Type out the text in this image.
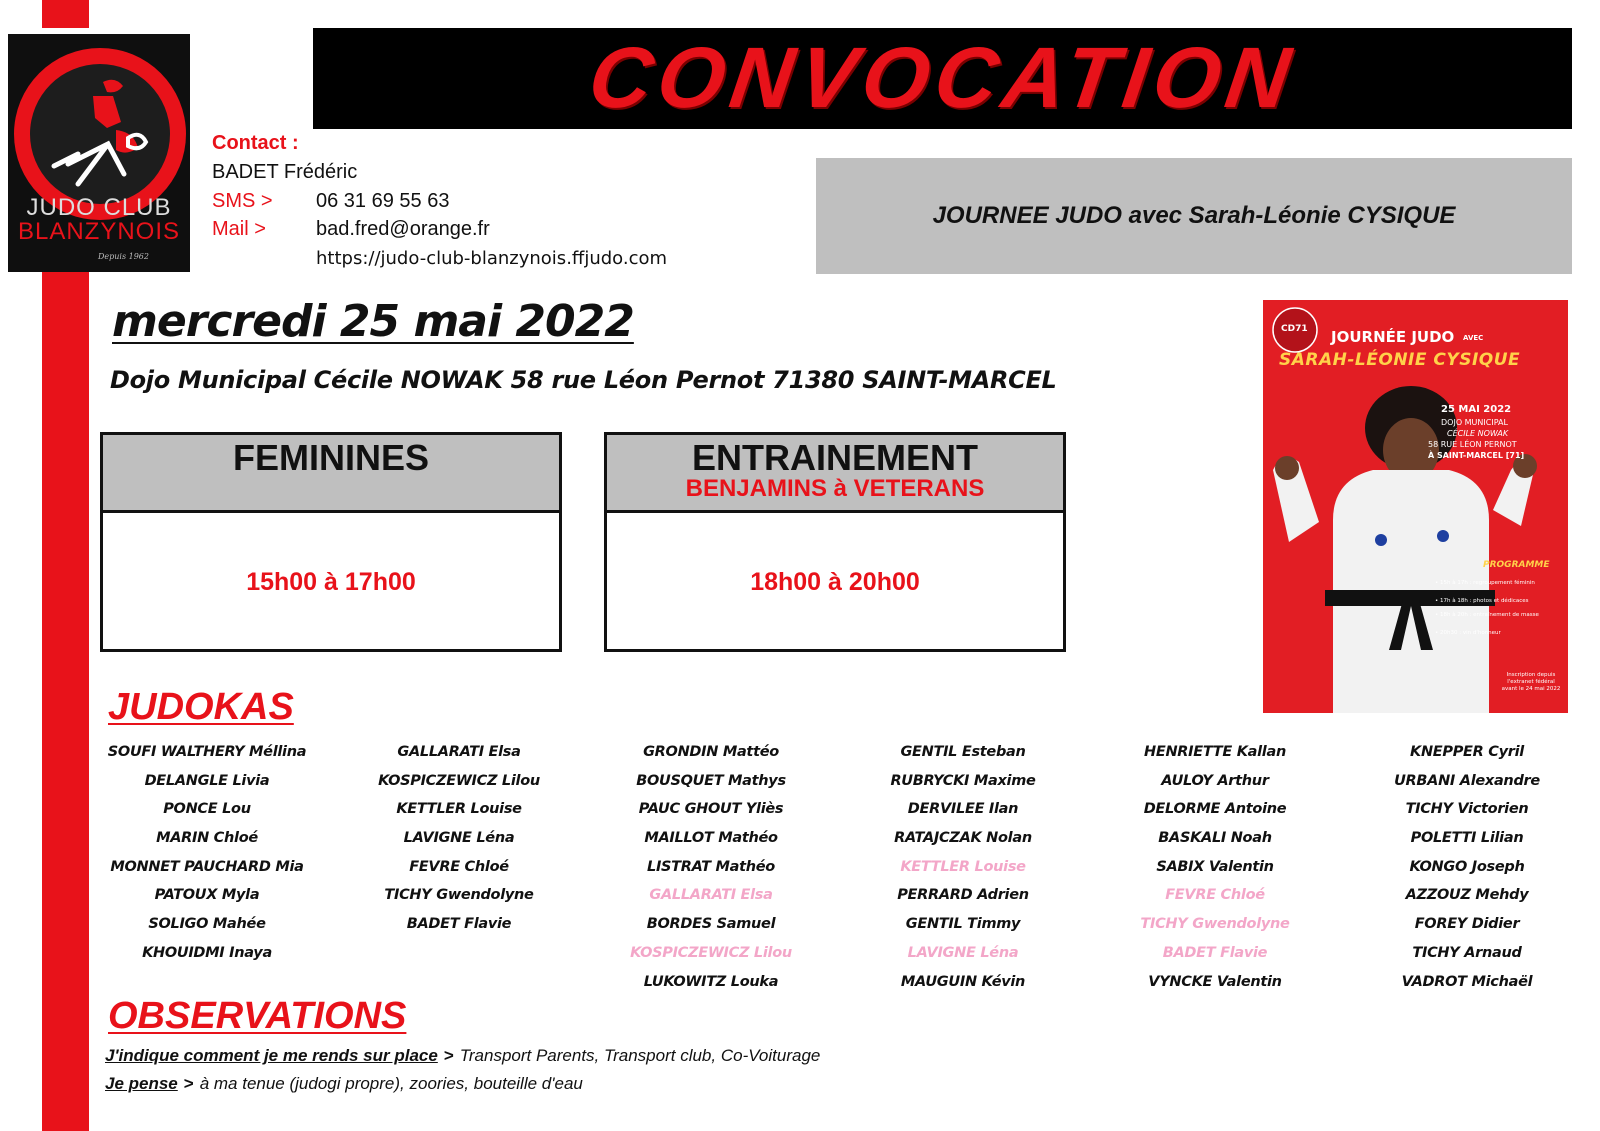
JUDO CLUB
BLANZYNOIS
Depuis 1962
CONVOCATION
Contact :
BADET Frédéric
SMS > 06 31 69 55 63
Mail >	bad.fred@orange.fr
https://judo-club-blanzynois.ffjudo.com
JOURNEE JUDO avec Sarah-Léonie CYSIQUE
mercredi 25 mai 2022
Dojo Municipal Cécile NOWAK 58 rue Léon Pernot 71380 SAINT-MARCEL
FEMININES
15h00 à 17h00
ENTRAINEMENT
BENJAMINS à VETERANS
18h00 à 20h00
CD71 JOURNÉE JUDO AVEC
SARAH-LÉONIE CYSIQUE
25 MAI 2022
DOJO MUNICIPAL
CÉCILE NOWAK
58 RUE LÉON PERNOT
À SAINT-MARCEL [71]
PROGRAMME
• 15h à 17h : regroupement féminin
• 17h à 18h : photos et dédicaces
• 18h à 20h : entraînement de masse
• 20h30 : vin d'honneur
Inscription depuis l'extranet fédéral avant le 24 mai 2022
JUDOKAS
SOUFI WALTHERY Méllina
DELANGLE Livia
PONCE Lou
MARIN Chloé
MONNET PAUCHARD Mia
PATOUX Myla
SOLIGO Mahée
KHOUIDMI Inaya
GALLARATI Elsa
KOSPICZEWICZ Lilou
KETTLER Louise
LAVIGNE Léna
FEVRE Chloé
TICHY Gwendolyne
BADET Flavie
GRONDIN Mattéo
BOUSQUET Mathys
PAUC GHOUT Yliès
MAILLOT Mathéo
LISTRAT Mathéo
GALLARATI Elsa
BORDES Samuel
KOSPICZEWICZ Lilou
LUKOWITZ Louka
GENTIL Esteban
RUBRYCKI Maxime
DERVILEE Ilan
RATAJCZAK Nolan
KETTLER Louise
PERRARD Adrien
GENTIL Timmy
LAVIGNE Léna
MAUGUIN Kévin
HENRIETTE Kallan
AULOY Arthur
DELORME Antoine
BASKALI Noah
SABIX Valentin
FEVRE Chloé
TICHY Gwendolyne
BADET Flavie
VYNCKE Valentin
KNEPPER Cyril
URBANI Alexandre
TICHY Victorien
POLETTI Lilian
KONGO Joseph
AZZOUZ Mehdy
FOREY Didier
TICHY Arnaud
VADROT Michaël
OBSERVATIONS
J'indique comment je me rends sur place > Transport Parents, Transport club, Co-Voiturage
Je pense > à ma tenue (judogi propre), zoories, bouteille d'eau
